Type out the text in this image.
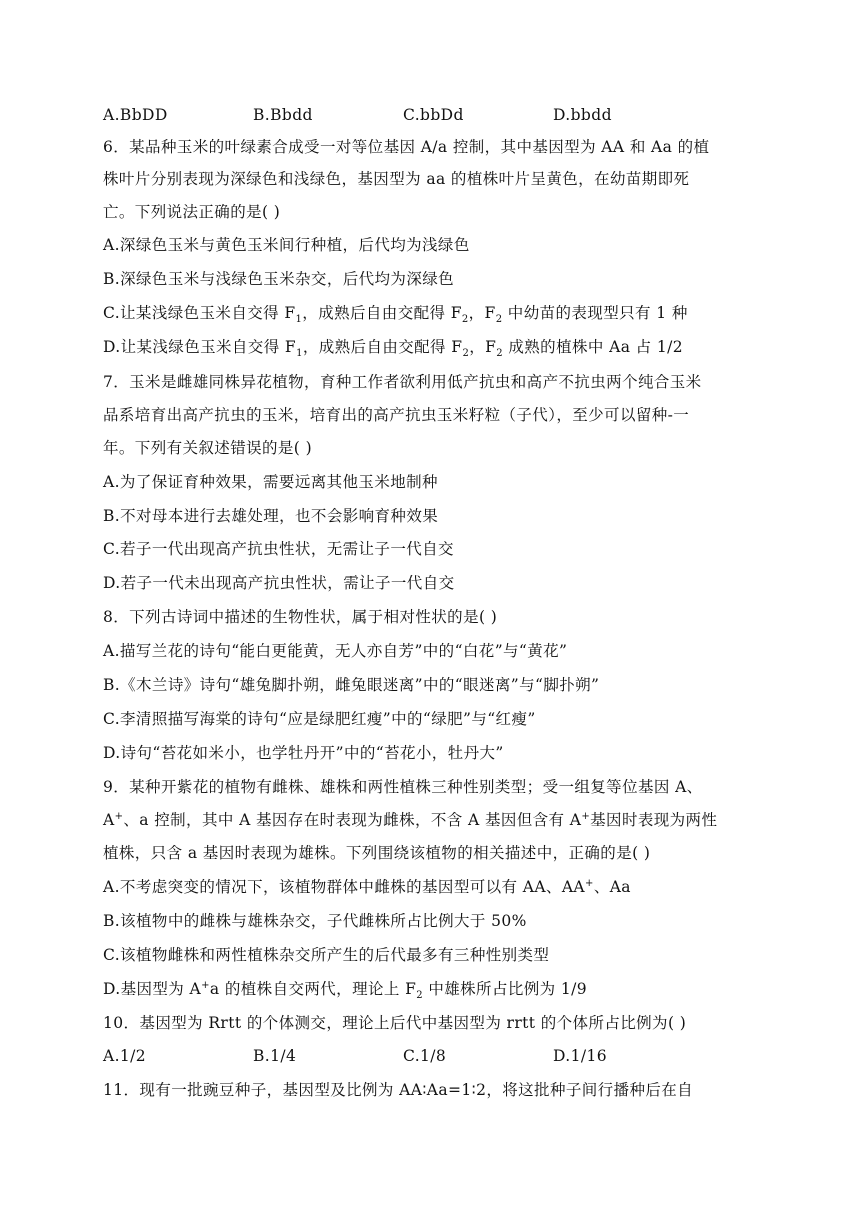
A.BbDD	B.Bbdd	C.bbDd	D.bbdd
6．某品种玉米的叶绿素合成受一对等位基因 A/a 控制，其中基因型为 AA 和 Aa 的植
株叶片分别表现为深绿色和浅绿色，基因型为 aa 的植株叶片呈黄色，在幼苗期即死
亡。下列说法正确的是( )
A.深绿色玉米与黄色玉米间行种植，后代均为浅绿色
B.深绿色玉米与浅绿色玉米杂交，后代均为深绿色
C.让某浅绿色玉米自交得 $F_1$，成熟后自由交配得 $F_2$，$F_2$ 中幼苗的表现型只有 1 种
D.让某浅绿色玉米自交得 $F_1$，成熟后自由交配得 $F_2$，$F_2$ 成熟的植株中 Aa 占 1/2
7．玉米是雌雄同株异花植物，育种工作者欲利用低产抗虫和高产不抗虫两个纯合玉米
品系培育出高产抗虫的玉米，培育出的高产抗虫玉米籽粒（子代），至少可以留种-一
年。下列有关叙述错误的是( )
A.为了保证育种效果，需要远离其他玉米地制种
B.不对母本进行去雄处理，也不会影响育种效果
C.若子一代出现高产抗虫性状，无需让子一代自交
D.若子一代未出现高产抗虫性状，需让子一代自交
8．下列古诗词中描述的生物性状，属于相对性状的是( )
A.描写兰花的诗句“能白更能黄，无人亦自芳”中的“白花”与“黄花”
B.《木兰诗》诗句“雄兔脚扑朔，雌兔眼迷离”中的“眼迷离”与“脚扑朔”
C.李清照描写海棠的诗句“应是绿肥红瘦”中的“绿肥”与“红瘦”
D.诗句“苔花如米小，也学牡丹开”中的“苔花小，牡丹大”
9．某种开紫花的植物有雌株、雄株和两性植株三种性别类型；受一组复等位基因 A、
A+、a 控制，其中 A 基因存在时表现为雌株，不含 A 基因但含有 A+基因时表现为两性
植株，只含 a 基因时表现为雄株。下列围绕该植物的相关描述中，正确的是( )
A.不考虑突变的情况下，该植物群体中雌株的基因型可以有 AA、AA+、Aa
B.该植物中的雌株与雄株杂交，子代雌株所占比例大于 50%
C.该植物雌株和两性植株杂交所产生的后代最多有三种性别类型
D.基因型为 A+a 的植株自交两代，理论上 $F_2$ 中雄株所占比例为 1/9
10．基因型为 Rrtt 的个体测交，理论上后代中基因型为 rrtt 的个体所占比例为( )
A.1/2	B.1/4	C.1/8	D.1/16
11．现有一批豌豆种子，基因型及比例为 AA∶Aa=1∶2，将这批种子间行播种后在自
